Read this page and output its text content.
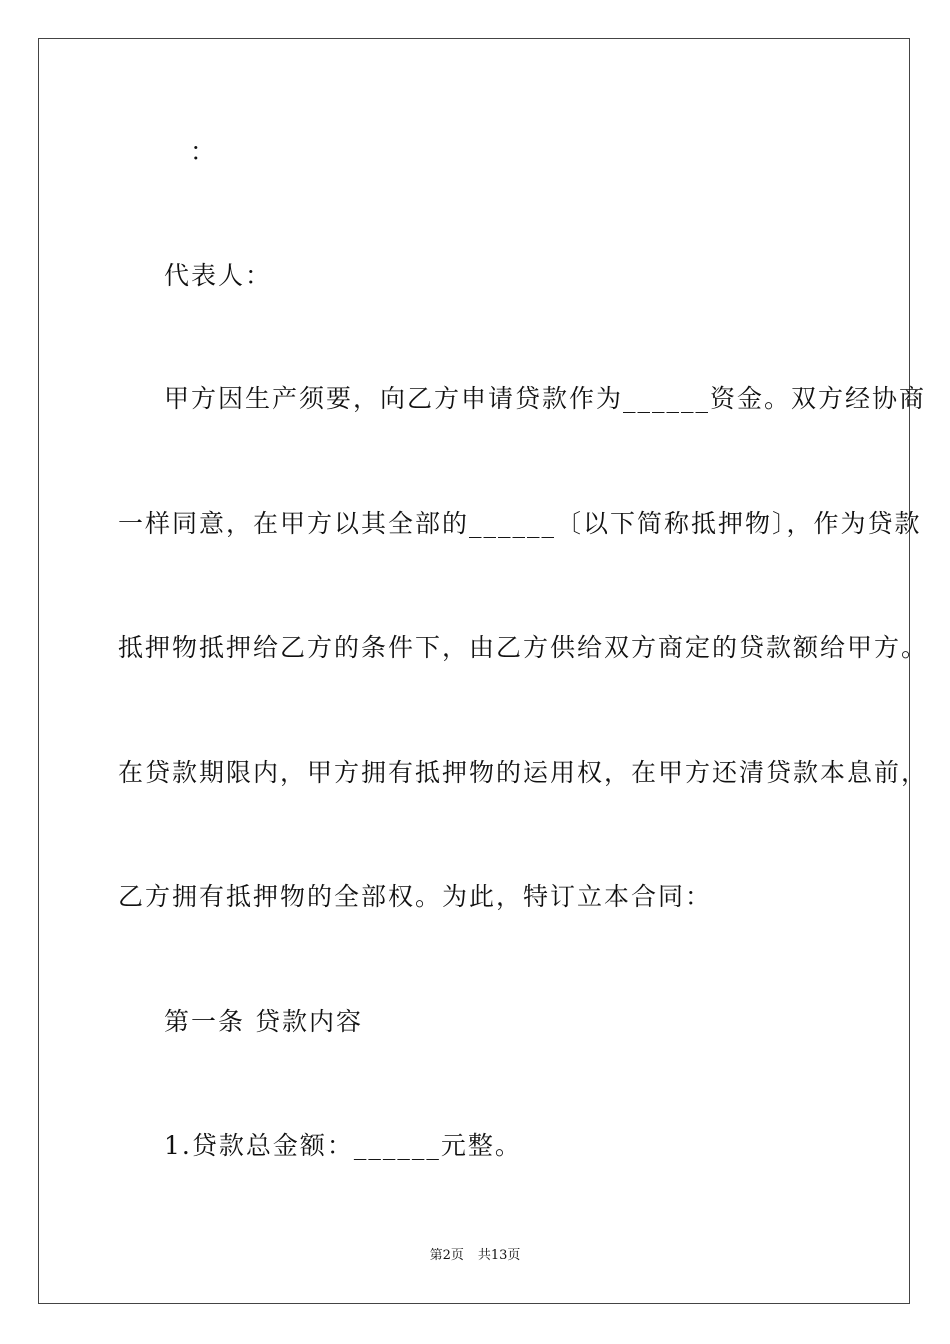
：
代表人：
甲方因生产须要，向乙方申请贷款作为______资金。双方经协商
一样同意，在甲方以其全部的______〔以下简称抵押物〕，作为贷款
抵押物抵押给乙方的条件下，由乙方供给双方商定的贷款额给甲方。
在贷款期限内，甲方拥有抵押物的运用权，在甲方还清贷款本息前，
乙方拥有抵押物的全部权。为此，特订立本合同：
第一条 贷款内容
1.贷款总金额：______元整。
第2页 共13页
